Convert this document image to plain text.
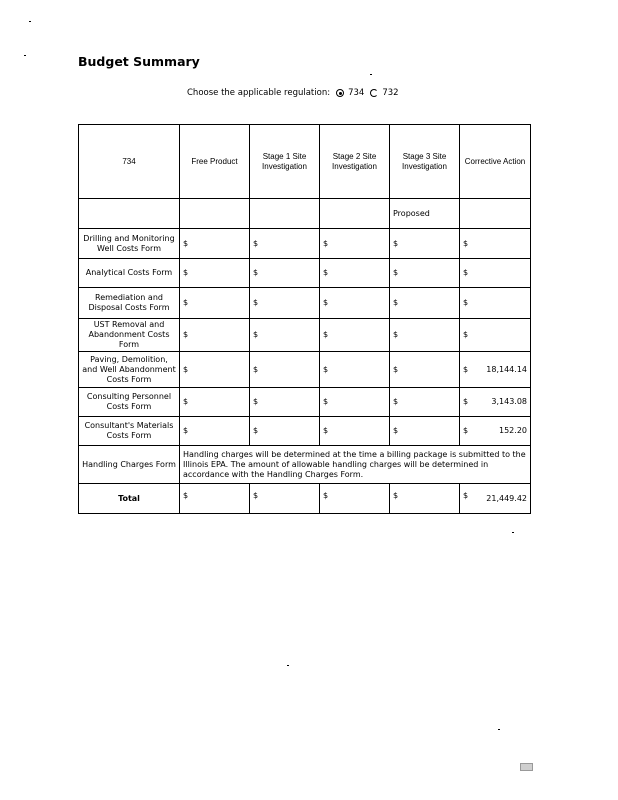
Budget Summary
Choose the applicable regulation: 734 732
734	Free Product	Stage 1 Site Investigation	Stage 2 Site Investigation	Stage 3 Site Investigation	Corrective Action
				Proposed	
Drilling and Monitoring Well Costs Form	$	$	$	$	$

Analytical Costs Form	$	$	$	$	$

Remediation and Disposal Costs Form	$	$	$	$	$

UST Removal and Abandonment Costs Form	$	$	$	$	$

Paving, Demolition, and Well Abandonment Costs Form	$	$	$	$	$ 18,144.14

Consulting Personnel Costs Form	$	$	$	$	$ 3,143.08

Consultant's Materials Costs Form	$	$	$	$	$ 152.20

Handling Charges Form	Handling charges will be determined at the time a billing package is submitted to the Illinois EPA. The amount of allowable handling charges will be determined in accordance with the Handling Charges Form.				
Total	$	$	$	$	$ 21,449.42
